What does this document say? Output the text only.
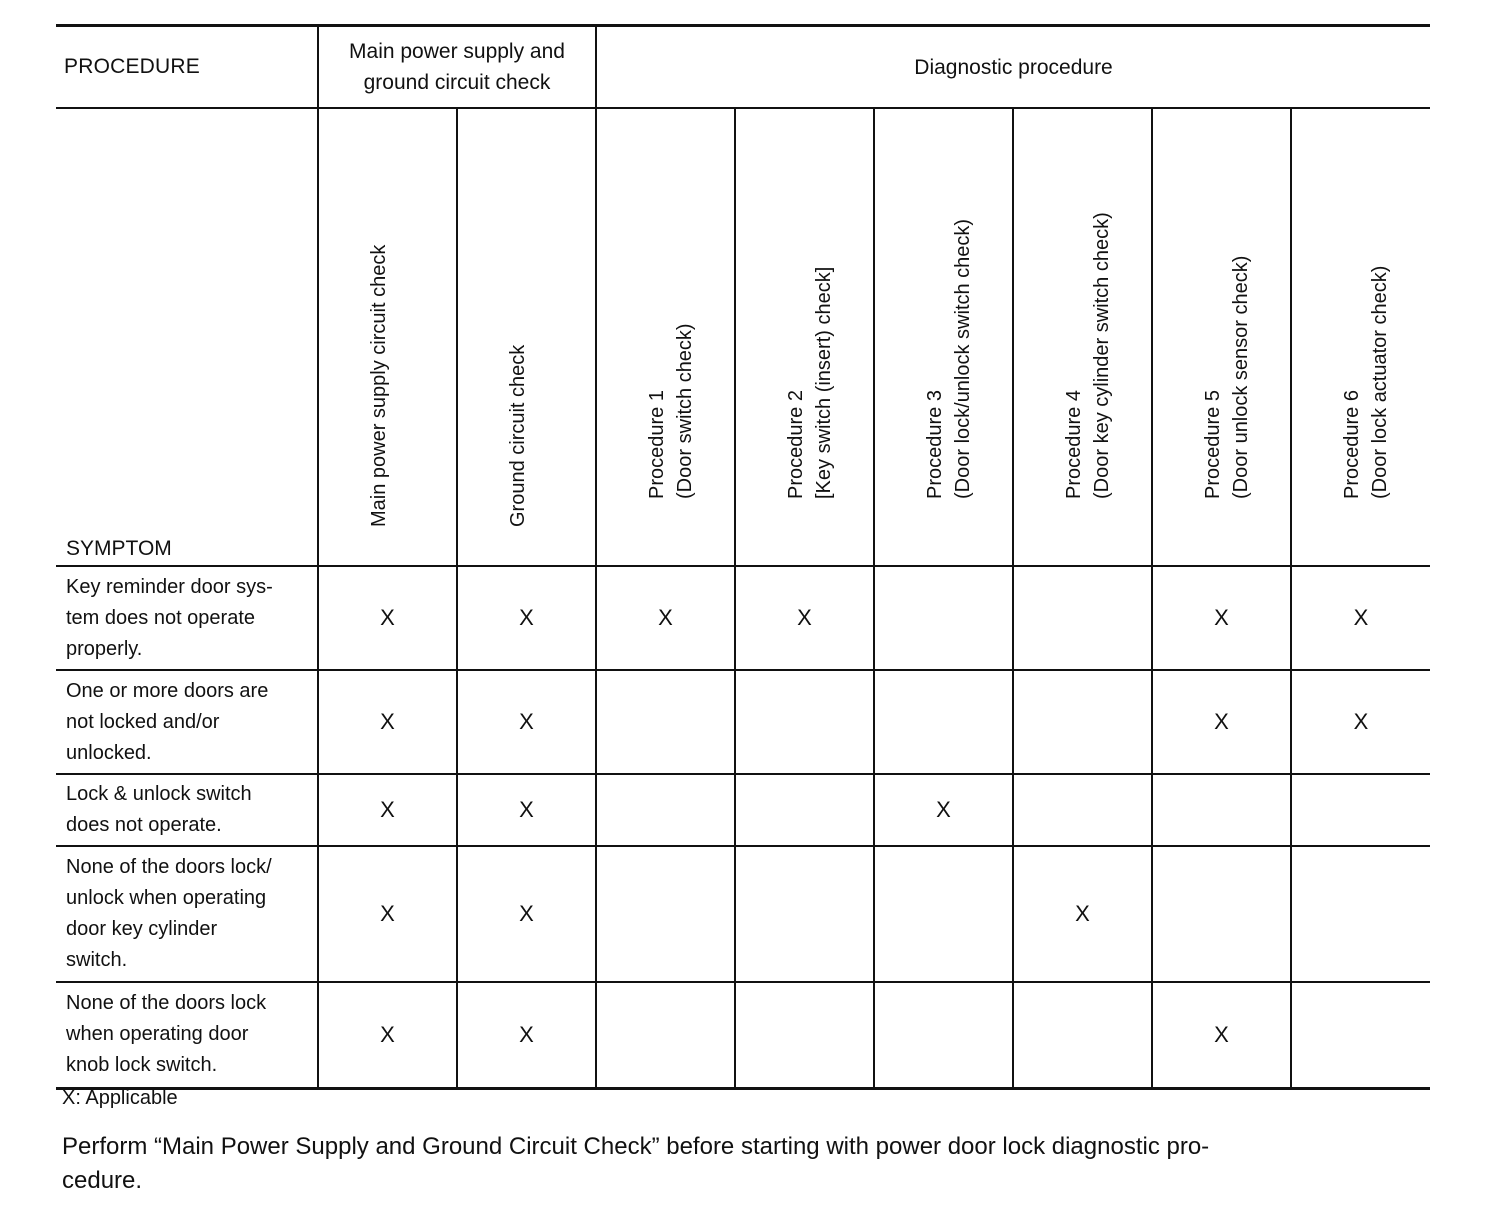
PROCEDURE	Main power supply and
ground circuit check		Diagnostic procedure					
SYMPTOM	Main power supply circuit check	Ground circuit check	Procedure 1 (Door switch check)	Procedure 2 [Key switch (insert) check]	Procedure 3 (Door lock/unlock switch check)	Procedure 4 (Door key cylinder switch check)	Procedure 5 (Door unlock sensor check)	Procedure 6 (Door lock actuator check)

Key reminder door sys-
tem does not operate
properly.	X	X	X	X			X	X
One or more doors are
not locked and/or
unlocked.	X	X					X	X
Lock & unlock switch
does not operate.	X	X			X			
None of the doors lock/
unlock when operating
door key cylinder
switch.	X	X				X		
None of the doors lock
when operating door
knob lock switch.	X	X					X	
X: Applicable
Perform “Main Power Supply and Ground Circuit Check” before starting with power door lock diagnostic pro-
cedure.
